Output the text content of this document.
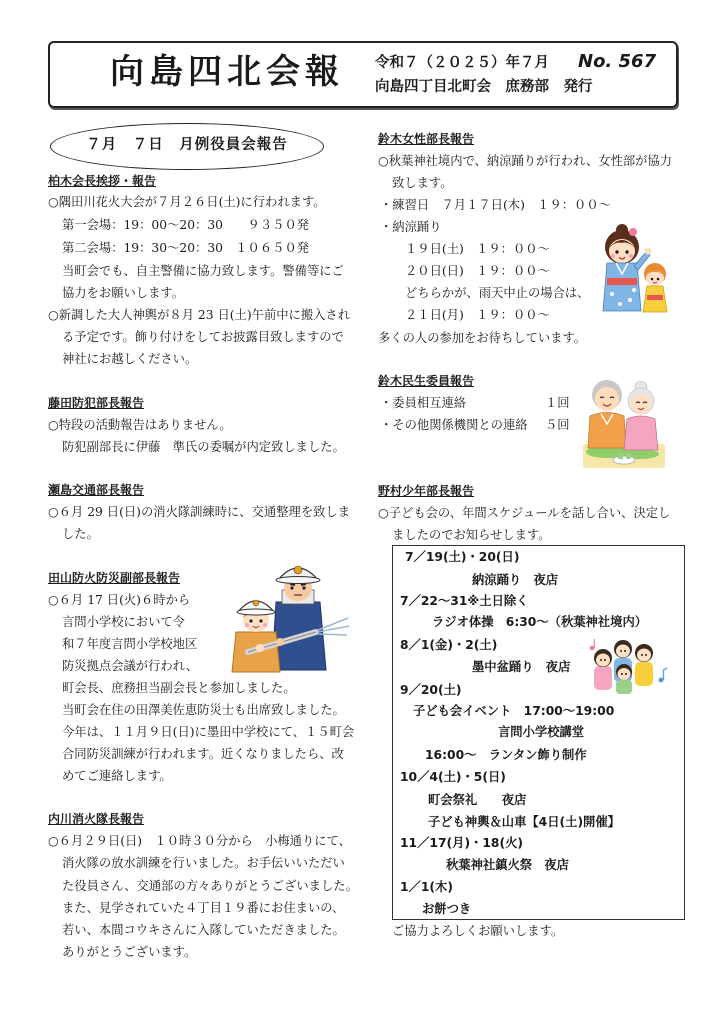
向島四北会報 令和７（２０２５）年７月 No. 567
向島四丁目北町会　庶務部　発行
７月　７日　月例役員会報告
柏木会長挨拶・報告
○隅田川花火大会が７月２６日(土)に行われます。
第一会場：19：00～20：30　　９３５０発
第二会場：19：30～20：30　１０６５０発
当町会でも、自主警備に協力致します。警備等にご
協力をお願いします。
○新調した大人神輿が８月 23 日(土)午前中に搬入され
る予定です。飾り付けをしてお披露目致しますので
神社にお越しください。
藤田防犯部長報告
○特段の活動報告はありません。
防犯副部長に伊藤　準氏の委嘱が内定致しました。
瀬島交通部長報告
○６月 29 日(日)の消火隊訓練時に、交通整理を致しま
した。
田山防火防災副部長報告
○６月 17 日(火)６時から
言問小学校において令
和７年度言問小学校地区
防災拠点会議が行われ、
町会長、庶務担当副会長と参加しました。
当町会在住の田澤美佐恵防災士も出席致しました。
今年は、１１月９日(日)に墨田中学校にて、１５町会
合同防災訓練が行われます。近くなりましたら、改
めてご連絡します。
内川消火隊長報告
○６月２９日(日)　１０時３０分から　小梅通りにて、
消火隊の放水訓練を行いました。お手伝いいただい
た役員さん、交通部の方々ありがとうございました。
また、見学されていた４丁目１９番にお住まいの、
若い、本間コウキさんに入隊していただきました。
ありがとうございます。
鈴木女性部長報告
○秋葉神社境内で、納涼踊りが行われ、女性部が協力
致します。
・練習日　７月１７日(木)　１９：００～
・納涼踊り
１９日(土)　１９：００～
２０日(日)　１９：００～
どちらかが、雨天中止の場合は、
２１日(月)　１９：００～
多くの人の参加をお待ちしています。
鈴木民生委員報告
・委員相互連絡	１回
・その他関係機関との連絡 ５回
野村少年部長報告
○子ども会の、年間スケジュールを話し合い、決定し
ましたのでお知らせします。
7／19(土)・20(日)
納涼踊り　夜店
7／22～31※土日除く
ラジオ体操　6:30～（秋葉神社境内）
8／1(金)・2(土)
墨中盆踊り　夜店
9／20(土)
子ども会イベント　17:00～19:00
言問小学校講堂
16:00～　ランタン飾り制作
10／4(土)・5(日)
町会祭礼　　夜店
子ども神輿＆山車【4日(土)開催】
11／17(月)・18(火)
秋葉神社鎮火祭　夜店
1／1(木)
お餅つき
ご協力よろしくお願いします。
